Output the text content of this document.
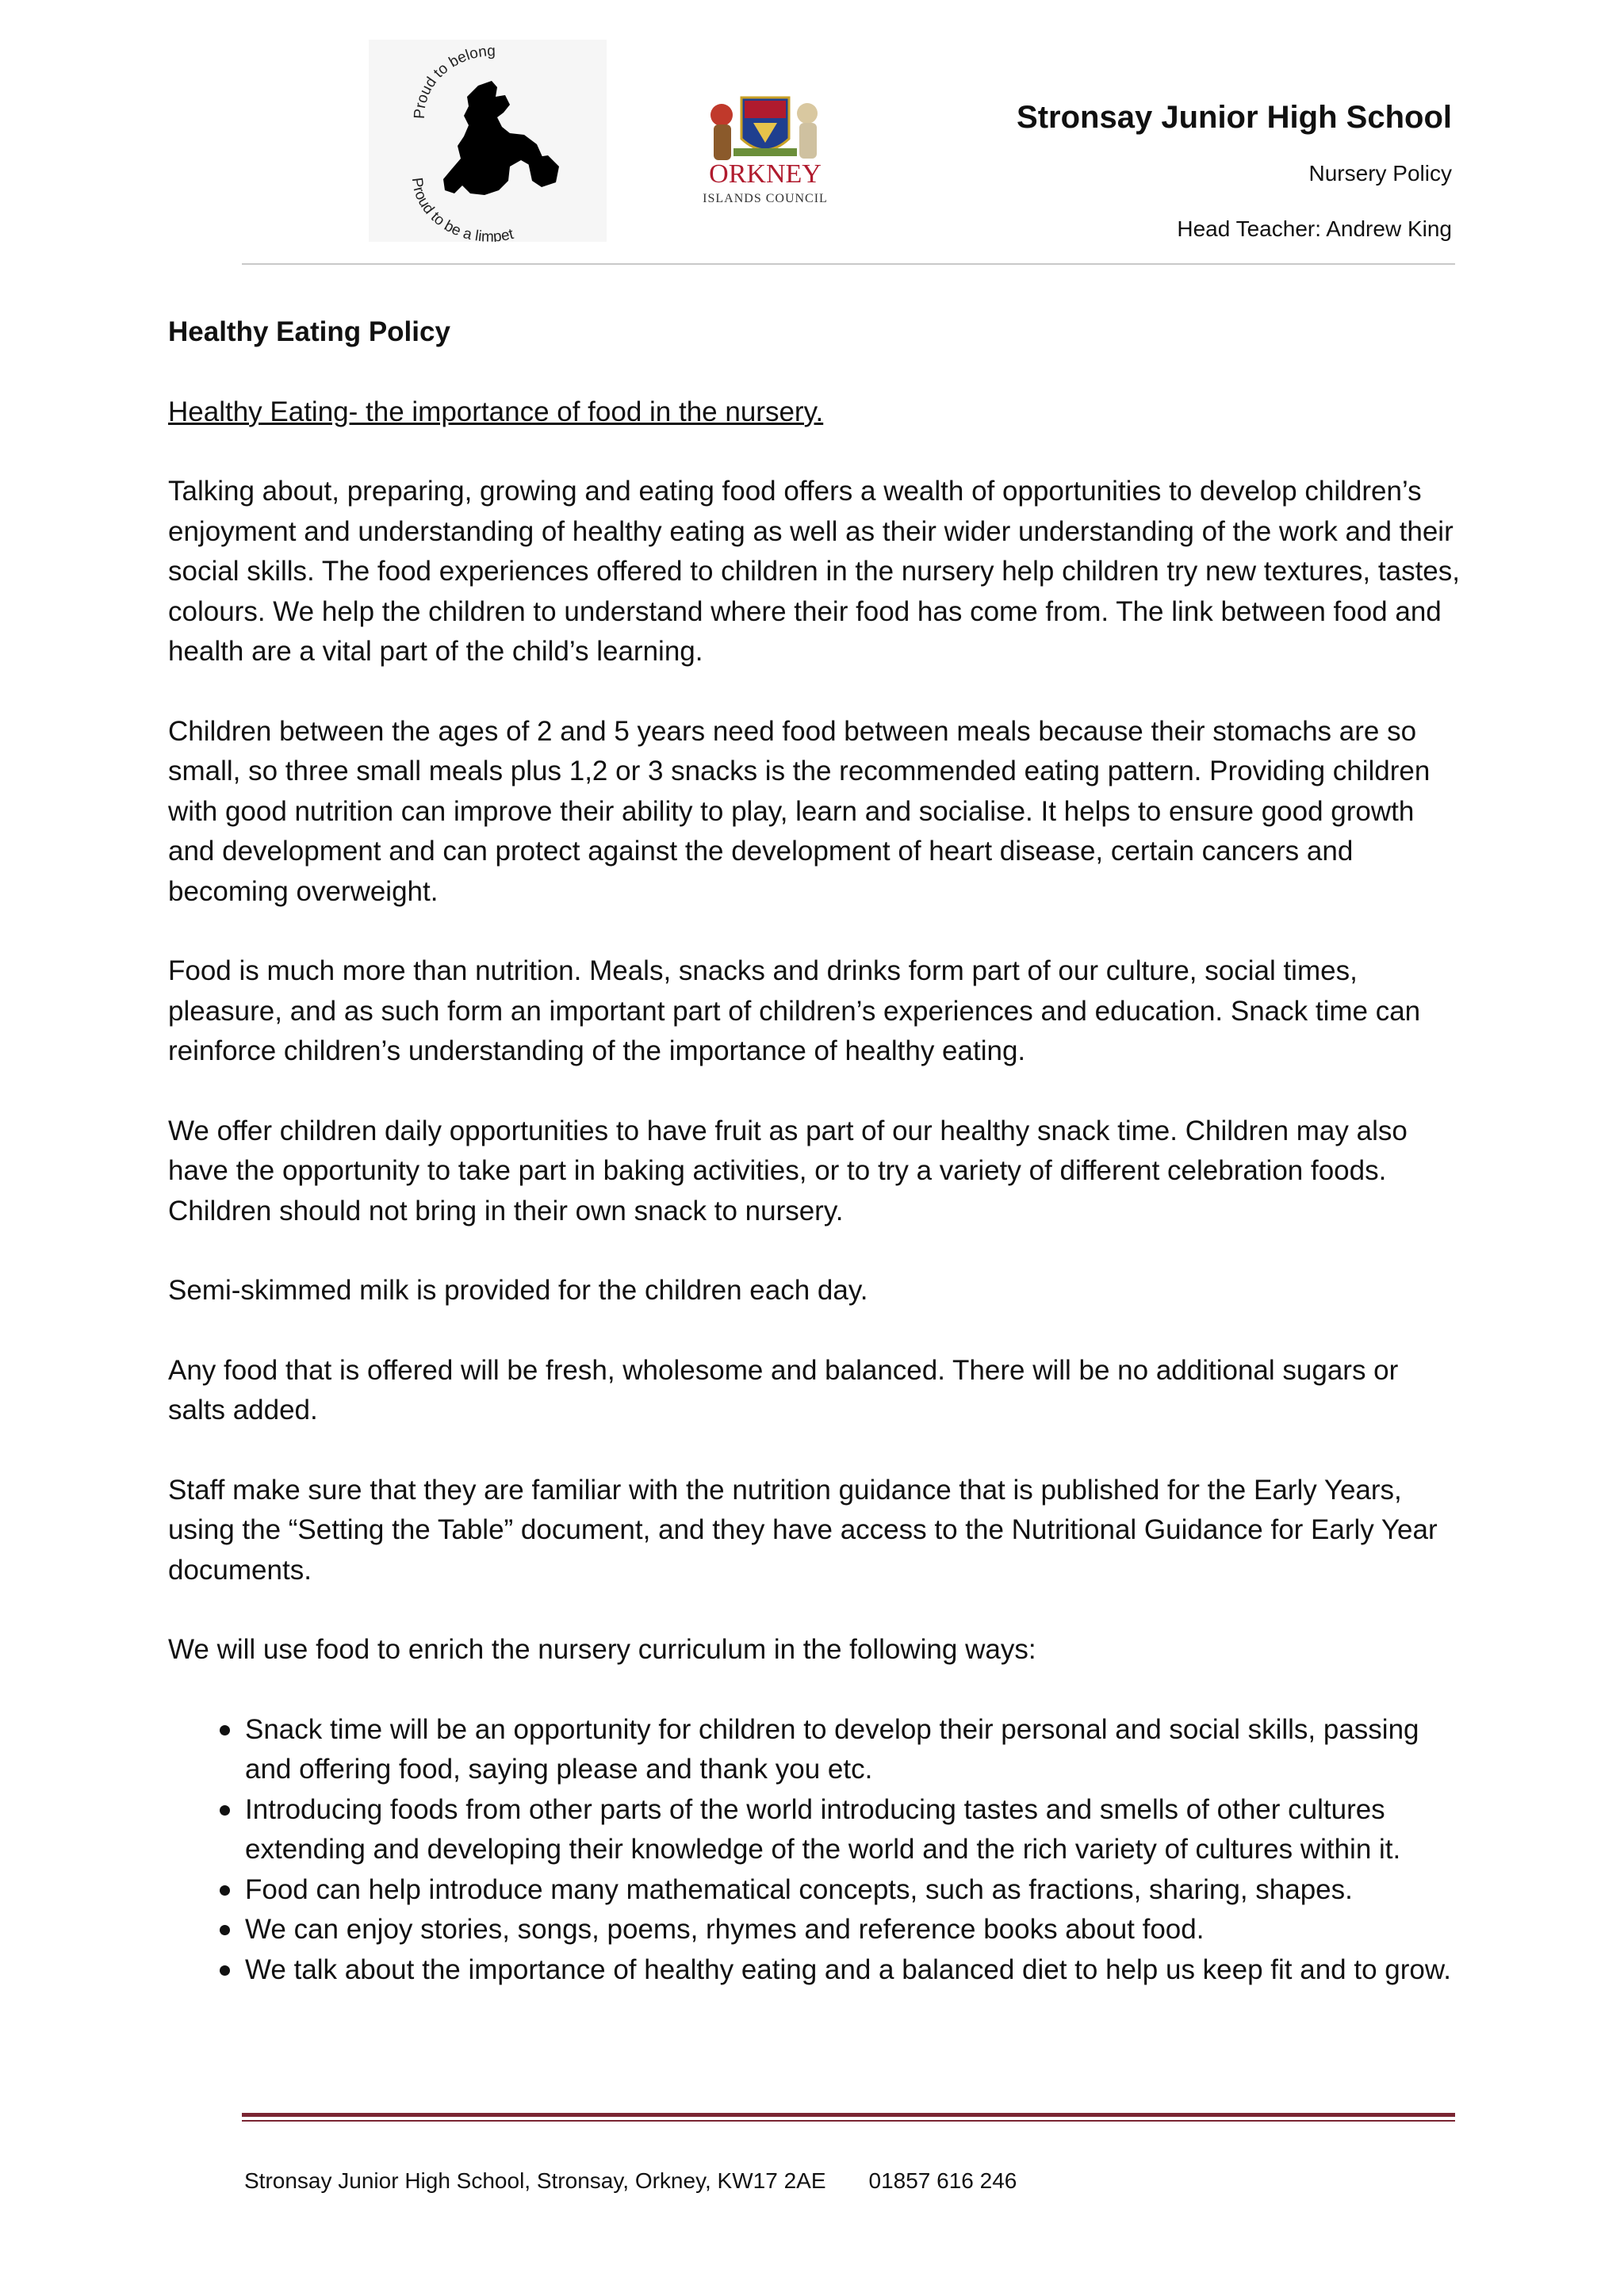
Proud to belong
Proud to be a limpet
ORKNEY
ISLANDS COUNCIL
Stronsay Junior High School
Nursery Policy
Head Teacher: Andrew King
Healthy Eating Policy
Healthy Eating- the importance of food in the nursery.

Talking about, preparing, growing and eating food offers a wealth of opportunities to develop children’s enjoyment and understanding of healthy eating as well as their wider understanding of the work and their social skills. The food experiences offered to children in the nursery help children try new textures, tastes, colours. We help the children to understand where their food has come from. The link between food and health are a vital part of the child’s learning.

Children between the ages of 2 and 5 years need food between meals because their stomachs are so small, so three small meals plus 1,2 or 3 snacks is the recommended eating pattern. Providing children with good nutrition can improve their ability to play, learn and socialise. It helps to ensure good growth and development and can protect against the development of heart disease, certain cancers and becoming overweight.

Food is much more than nutrition. Meals, snacks and drinks form part of our culture, social times, pleasure, and as such form an important part of children’s experiences and education. Snack time can reinforce children’s understanding of the importance of healthy eating.

We offer children daily opportunities to have fruit as part of our healthy snack time. Children may also have the opportunity to take part in baking activities, or to try a variety of different celebration foods. Children should not bring in their own snack to nursery.

Semi-skimmed milk is provided for the children each day.

Any food that is offered will be fresh, wholesome and balanced. There will be no additional sugars or salts added.

Staff make sure that they are familiar with the nutrition guidance that is published for the Early Years, using the “Setting the Table” document, and they have access to the Nutritional Guidance for Early Year documents.

We will use food to enrich the nursery curriculum in the following ways:

Snack time will be an opportunity for children to develop their personal and social skills, passing and offering food, saying please and thank you etc.
Introducing foods from other parts of the world introducing tastes and smells of other cultures extending and developing their knowledge of the world and the rich variety of cultures within it.
Food can help introduce many mathematical concepts, such as fractions, sharing, shapes.
We can enjoy stories, songs, poems, rhymes and reference books about food.
We talk about the importance of healthy eating and a balanced diet to help us keep fit and to grow.
Stronsay Junior High School, Stronsay, Orkney, KW17 2AE 01857 616 246
